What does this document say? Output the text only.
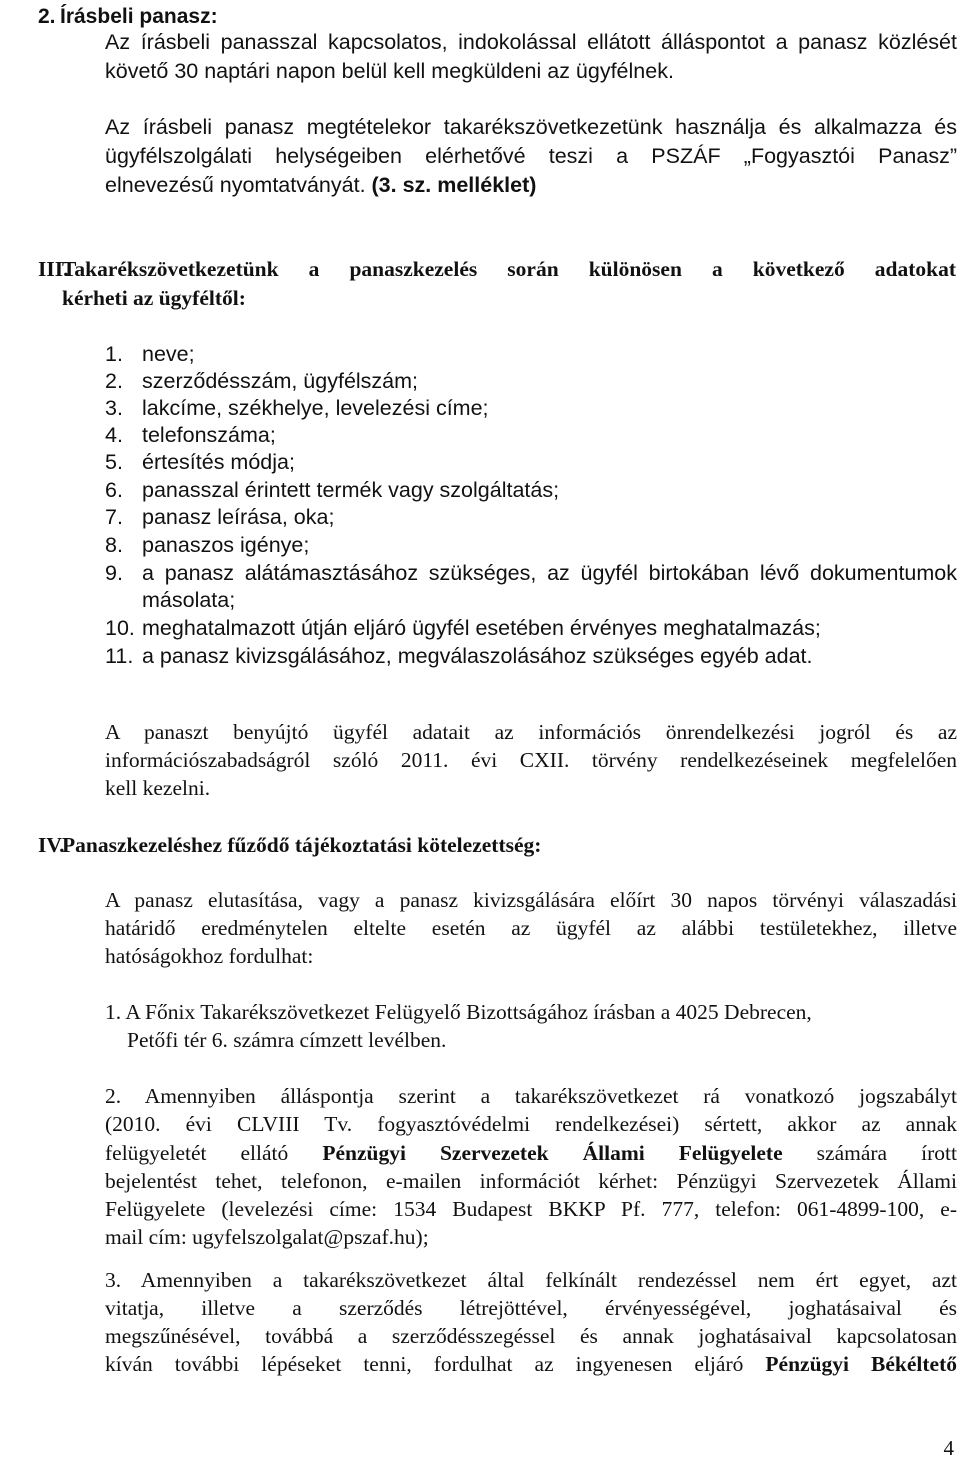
2. Írásbeli panasz:
Az írásbeli panasszal kapcsolatos, indokolással ellátott álláspontot a panasz közlését
követő 30 naptári napon belül kell megküldeni az ügyfélnek.
Az írásbeli panasz megtételekor takarékszövetkezetünk használja és alkalmazza és
ügyfélszolgálati helységeiben elérhetővé teszi a PSZÁF „Fogyasztói Panasz”
elnevezésű nyomtatványát. (3. sz. melléklet)
III.
Takarékszövetkezetünk a panaszkezelés során különösen a következő adatokat
kérheti az ügyféltől:
1. neve;
2. szerződésszám, ügyfélszám;
3. lakcíme, székhelye, levelezési címe;
4. telefonszáma;
5. értesítés módja;
6. panasszal érintett termék vagy szolgáltatás;
7. panasz leírása, oka;
8. panaszos igénye;
9. a panasz alátámasztásához szükséges, az ügyfél birtokában lévő dokumentumok
másolata;
10. meghatalmazott útján eljáró ügyfél esetében érvényes meghatalmazás;
11. a panasz kivizsgálásához, megválaszolásához szükséges egyéb adat.
A panaszt benyújtó ügyfél adatait az információs önrendelkezési jogról és az
információszabadságról szóló 2011. évi CXII. törvény rendelkezéseinek megfelelően
kell kezelni.
IV.
Panaszkezeléshez fűződő tájékoztatási kötelezettség:
A panasz elutasítása, vagy a panasz kivizsgálására előírt 30 napos törvényi válaszadási
határidő eredménytelen eltelte esetén az ügyfél az alábbi testületekhez, illetve
hatóságokhoz fordulhat:
1. A Főnix Takarékszövetkezet Felügyelő Bizottságához írásban a 4025 Debrecen,
Petőfi tér 6. számra címzett levélben.
2. Amennyiben álláspontja szerint a takarékszövetkezet rá vonatkozó jogszabályt
(2010. évi CLVIII Tv. fogyasztóvédelmi rendelkezései) sértett, akkor az annak
felügyeletét ellátó Pénzügyi Szervezetek Állami Felügyelete számára írott
bejelentést tehet, telefonon, e-mailen információt kérhet: Pénzügyi Szervezetek Állami
Felügyelete (levelezési címe: 1534 Budapest BKKP Pf. 777, telefon: 061-4899-100, e-
mail cím: ugyfelszolgalat@pszaf.hu);
3. Amennyiben a takarékszövetkezet által felkínált rendezéssel nem ért egyet, azt
vitatja, illetve a szerződés létrejöttével, érvényességével, joghatásaival és
megszűnésével, továbbá a szerződésszegéssel és annak joghatásaival kapcsolatosan
kíván további lépéseket tenni, fordulhat az ingyenesen eljáró Pénzügyi Békéltető
4
